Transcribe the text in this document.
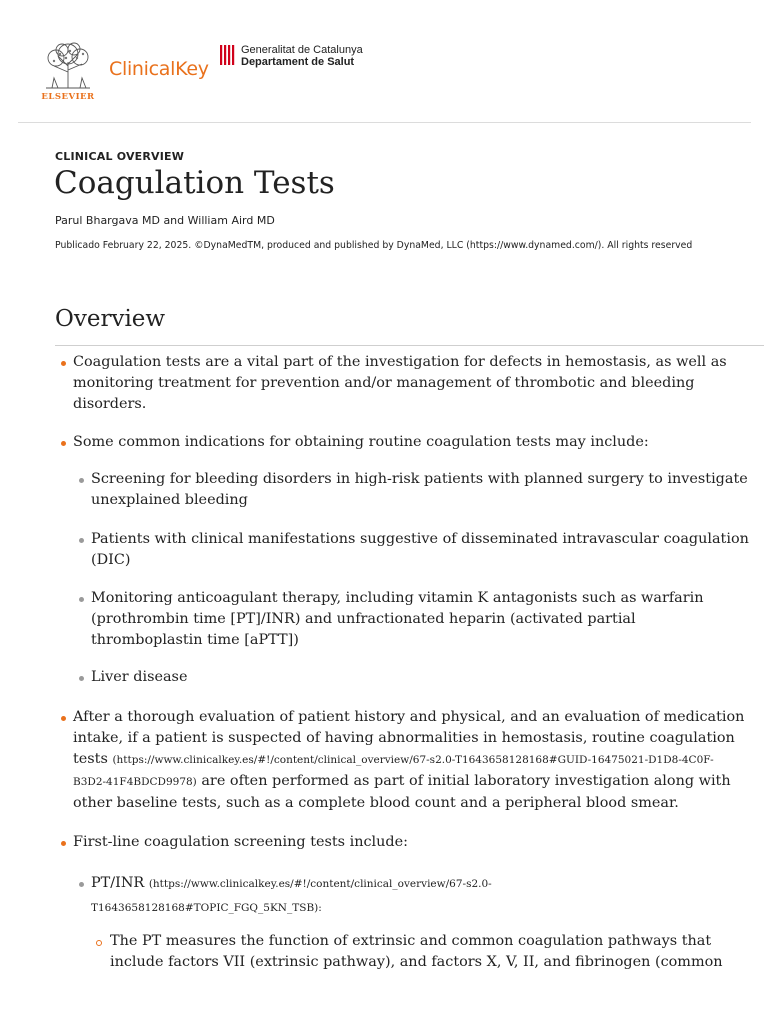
ELSEVIER
ClinicalKey
Generalitat de Catalunya
Departament de Salut
CLINICAL OVERVIEW
Coagulation Tests
Parul Bhargava MD and William Aird MD
Publicado February 22, 2025. ©DynaMedTM, produced and published by DynaMed, LLC (https://www.dynamed.com/). All rights reserved
Overview
Coagulation tests are a vital part of the investigation for defects in hemostasis, as well as
monitoring treatment for prevention and/or management of thrombotic and bleeding
disorders.
Some common indications for obtaining routine coagulation tests may include:
Screening for bleeding disorders in high-risk patients with planned surgery to investigate
unexplained bleeding
Patients with clinical manifestations suggestive of disseminated intravascular coagulation
(DIC)
Monitoring anticoagulant therapy, including vitamin K antagonists such as warfarin
(prothrombin time [PT]/INR) and unfractionated heparin (activated partial
thromboplastin time [aPTT])
Liver disease
After a thorough evaluation of patient history and physical, and an evaluation of medication
intake, if a patient is suspected of having abnormalities in hemostasis, routine coagulation
tests (https://www.clinicalkey.es/#!/content/clinical_overview/67-s2.0-T1643658128168#GUID-16475021-D1D8-4C0F-
B3D2-41F4BDCD9978) are often performed as part of initial laboratory investigation along with
other baseline tests, such as a complete blood count and a peripheral blood smear.
First-line coagulation screening tests include:
PT/INR (https://www.clinicalkey.es/#!/content/clinical_overview/67-s2.0-
T1643658128168#TOPIC_FGQ_5KN_TSB):
The PT measures the function of extrinsic and common coagulation pathways that
include factors VII (extrinsic pathway), and factors X, V, II, and fibrinogen (common
